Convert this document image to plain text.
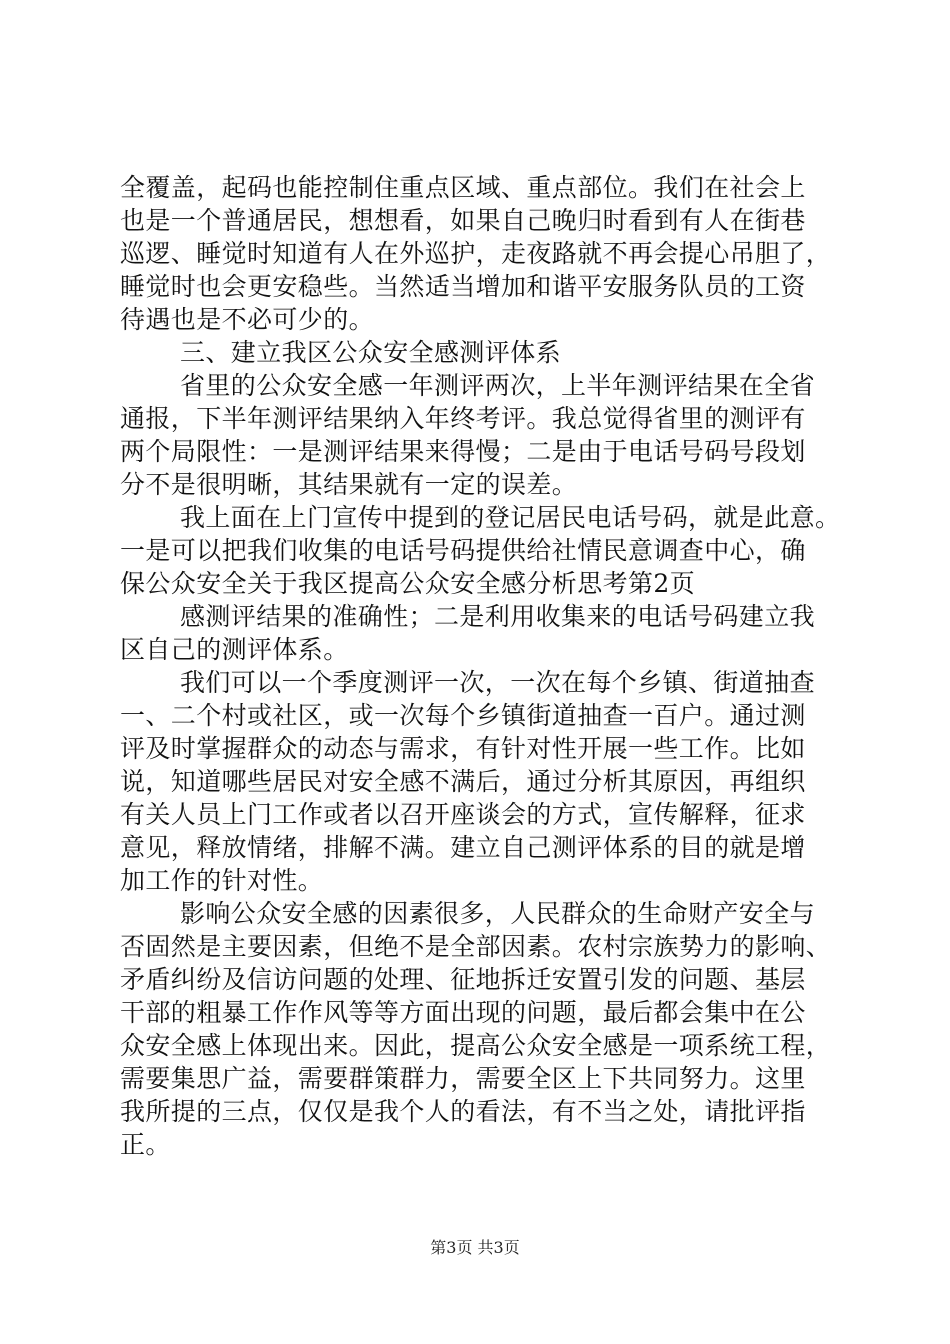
全覆盖，起码也能控制住重点区域、重点部位。我们在社会上
也是一个普通居民，想想看，如果自己晚归时看到有人在街巷
巡逻、睡觉时知道有人在外巡护，走夜路就不再会提心吊胆了，
睡觉时也会更安稳些。当然适当增加和谐平安服务队员的工资
待遇也是不必可少的。
三、建立我区公众安全感测评体系
省里的公众安全感一年测评两次，上半年测评结果在全省
通报，下半年测评结果纳入年终考评。我总觉得省里的测评有
两个局限性：一是测评结果来得慢；二是由于电话号码号段划
分不是很明晰，其结果就有一定的误差。
我上面在上门宣传中提到的登记居民电话号码，就是此意。
一是可以把我们收集的电话号码提供给社情民意调查中心，确
保公众安全关于我区提高公众安全感分析思考第2页
感测评结果的准确性；二是利用收集来的电话号码建立我
区自己的测评体系。
我们可以一个季度测评一次，一次在每个乡镇、街道抽查
一、二个村或社区，或一次每个乡镇街道抽查一百户。通过测
评及时掌握群众的动态与需求，有针对性开展一些工作。比如
说，知道哪些居民对安全感不满后，通过分析其原因，再组织
有关人员上门工作或者以召开座谈会的方式，宣传解释，征求
意见，释放情绪，排解不满。建立自己测评体系的目的就是增
加工作的针对性。
影响公众安全感的因素很多，人民群众的生命财产安全与
否固然是主要因素，但绝不是全部因素。农村宗族势力的影响、
矛盾纠纷及信访问题的处理、征地拆迁安置引发的问题、基层
干部的粗暴工作作风等等方面出现的问题，最后都会集中在公
众安全感上体现出来。因此，提高公众安全感是一项系统工程，
需要集思广益，需要群策群力，需要全区上下共同努力。这里
我所提的三点，仅仅是我个人的看法，有不当之处，请批评指
正。
第3页 共3页
